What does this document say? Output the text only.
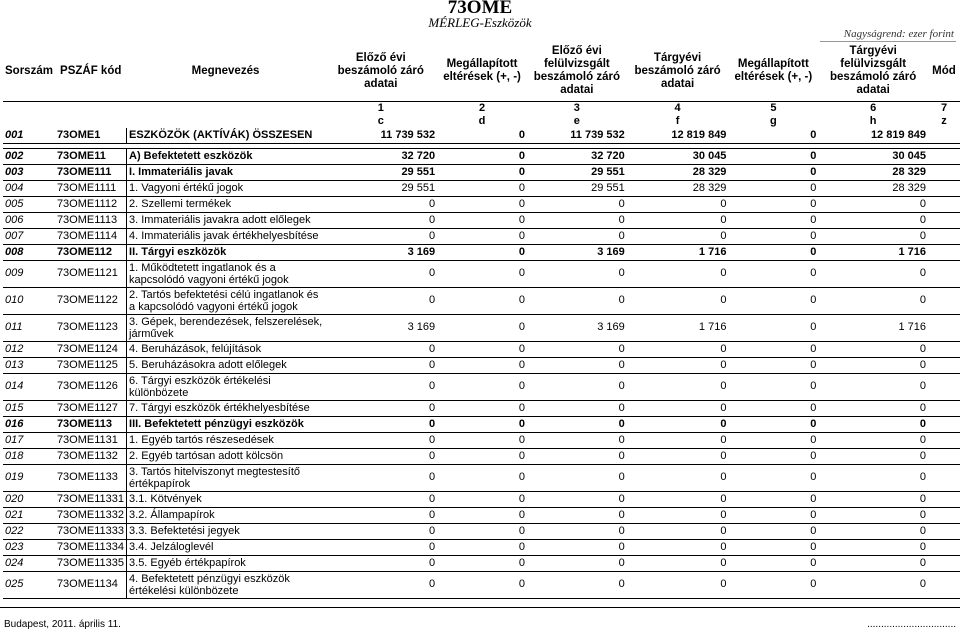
73OME
MÉRLEG-Eszközök
Nagyságrend: ezer forint
Sorszám	PSZÁF kód	Megnevezés	Előző évi beszámoló záró adatai	Megállapított eltérések (+, -)	Előző évi felülvizsgált beszámoló záró adatai	Tárgyévi beszámoló záró adatai	Megállapított eltérések (+, -)	Tárgyévi felülvizsgált beszámoló záró adatai	Mód
			1	2	3	4	5	6	7
			c	d	e	f	g	h	z
001	73OME1	ESZKÖZÖK (AKTÍVÁK) ÖSSZESEN	11 739 532	0	11 739 532	12 819 849	0	12 819 849	

002	73OME11	A) Befektetett eszközök	32 720	0	32 720	30 045	0	30 045	
003	73OME111	I. Immateriális javak	29 551	0	29 551	28 329	0	28 329	
004	73OME1111	1. Vagyoni értékű jogok	29 551	0	29 551	28 329	0	28 329	
005	73OME1112	2. Szellemi termékek	0	0	0	0	0	0	
006	73OME1113	3. Immateriális javakra adott előlegek	0	0	0	0	0	0	
007	73OME1114	4. Immateriális javak értékhelyesbítése	0	0	0	0	0	0	
008	73OME112	II. Tárgyi eszközök	3 169	0	3 169	1 716	0	1 716	
009	73OME1121	1. Működtetett ingatlanok és a kapcsolódó vagyoni értékű jogok	0	0	0	0	0	0	
010	73OME1122	2. Tartós befektetési célú ingatlanok és a kapcsolódó vagyoni értékű jogok	0	0	0	0	0	0	
011	73OME1123	3. Gépek, berendezések, felszerelések, járművek	3 169	0	3 169	1 716	0	1 716	
012	73OME1124	4. Beruházások, felújítások	0	0	0	0	0	0	
013	73OME1125	5. Beruházásokra adott előlegek	0	0	0	0	0	0	
014	73OME1126	6. Tárgyi eszközök értékelési különbözete	0	0	0	0	0	0	
015	73OME1127	7. Tárgyi eszközök értékhelyesbítése	0	0	0	0	0	0	
016	73OME113	III. Befektetett pénzügyi eszközök	0	0	0	0	0	0	
017	73OME1131	1. Egyéb tartós részesedések	0	0	0	0	0	0	
018	73OME1132	2. Egyéb tartósan adott kölcsön	0	0	0	0	0	0	
019	73OME1133	3. Tartós hitelviszonyt megtestesítő értékpapírok	0	0	0	0	0	0	
020	73OME11331	3.1. Kötvények	0	0	0	0	0	0	
021	73OME11332	3.2. Állampapírok	0	0	0	0	0	0	
022	73OME11333	3.3. Befektetési jegyek	0	0	0	0	0	0	
023	73OME11334	3.4. Jelzáloglevél	0	0	0	0	0	0	
024	73OME11335	3.5. Egyéb értékpapírok	0	0	0	0	0	0	
025	73OME1134	4. Befektetett pénzügyi eszközök értékelési különbözete	0	0	0	0	0	0	
Budapest, 2011. április 11.	................................
